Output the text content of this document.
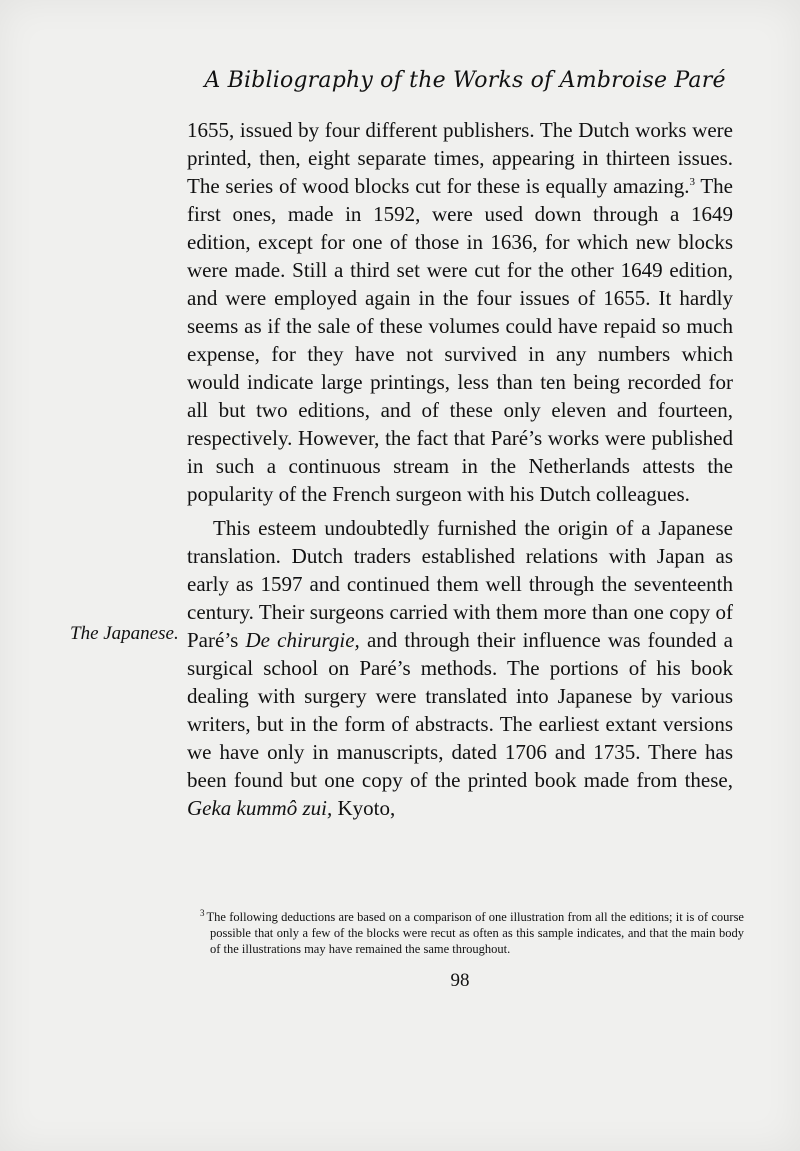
A Bibliography of the Works of Ambroise Paré

1655, issued by four different publishers. The Dutch works were printed, then, eight separate times, appearing in thirteen issues. The series of wood blocks cut for these is equally amazing.$^3$ The first ones, made in 1592, were used down through a 1649 edition, except for one of those in 1636, for which new blocks were made. Still a third set were cut for the other 1649 edition, and were employed again in the four issues of 1655. It hardly seems as if the sale of these volumes could have repaid so much expense, for they have not survived in any numbers which would indicate large printings, less than ten being recorded for all but two editions, and of these only eleven and fourteen, respectively. However, the fact that Paré’s works were published in such a continuous stream in the Netherlands attests the popularity of the French surgeon with his Dutch colleagues.

This esteem undoubtedly furnished the origin of a Japanese translation. Dutch traders established relations with Japan as early as 1597 and continued them well through the seventeenth century. Their surgeons carried with them more than one copy of Paré’s De chirurgie, and through their influence was founded a surgical school on Paré’s methods. The portions of his book dealing with surgery were translated into Japanese by various writers, but in the form of abstracts. The earliest extant versions we have only in manuscripts, dated 1706 and 1735. There has been found but one copy of the printed book made from these, Geka kummô zui, Kyoto,

The Japanese.
$^3$ The following deductions are based on a comparison of one illustration from all the editions; it is of course possible that only a few of the blocks were recut as often as this sample indicates, and that the main body of the illustrations may have remained the same throughout.
98
